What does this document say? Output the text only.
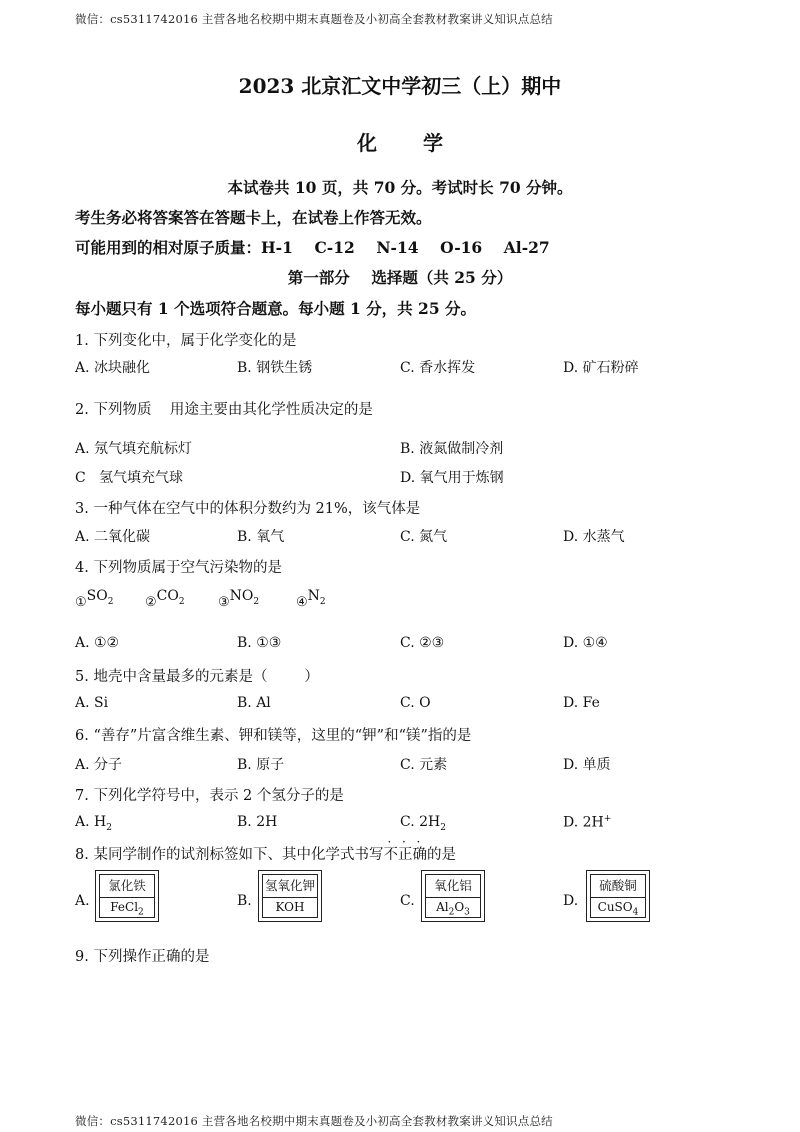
微信：cs5311742016 主营各地名校期中期末真题卷及小初高全套教材教案讲义知识点总结
2023 北京汇文中学初三（上）期中
化学
本试卷共 10 页，共 70 分。考试时长 70 分钟。
考生务必将答案答在答题卡上，在试卷上作答无效。
可能用到的相对原子质量：H-1    C-12    N-14    O-16    Al-27
第一部分    选择题（共 25 分）
每小题只有 1 个选项符合题意。每小题 1 分，共 25 分。
1. 下列变化中，属于化学变化的是
A. 冰块融化	B. 钢铁生锈	C. 香水挥发	D. 矿石粉碎
2. 下列物质    用途主要由其化学性质决定的是
A. 氖气填充航标灯	B. 液氮做制冷剂
C   氢气填充气球	D. 氧气用于炼钢
3. 一种气体在空气中的体积分数约为 21%，该气体是
A. 二氧化碳	B. 氧气	C. 氮气	D. 水蒸气
4. 下列物质属于空气污染物的是
$①SO_2$ $②CO_2$	$③NO_2$	$④N_2$
A. ①②	B. ①③	C. ②③	D. ①④
5. 地壳中含量最多的元素是（        ）
A. Si	B. Al	C. O	D. Fe
6. “善存”片富含维生素、钾和镁等，这里的“钾”和“镁”指的是
A. 分子	B. 原子	C. 元素	D. 单质
7. 下列化学符号中，表示 2 个氢分子的是
A. $H_2$	B. 2H	C. $2H_2$	D. 2H+
8. 某同学制作的试剂标签如下、其中化学式书写不正确的是
A.
氯化铁
FeCl$_2$
B.
氢氧化钾
KOH	C.
氧化铝
$Al_2O_3$
D.
硫酸铜
CuSO$_4$
9. 下列操作正确的是
微信：cs5311742016 主营各地名校期中期末真题卷及小初高全套教材教案讲义知识点总结
